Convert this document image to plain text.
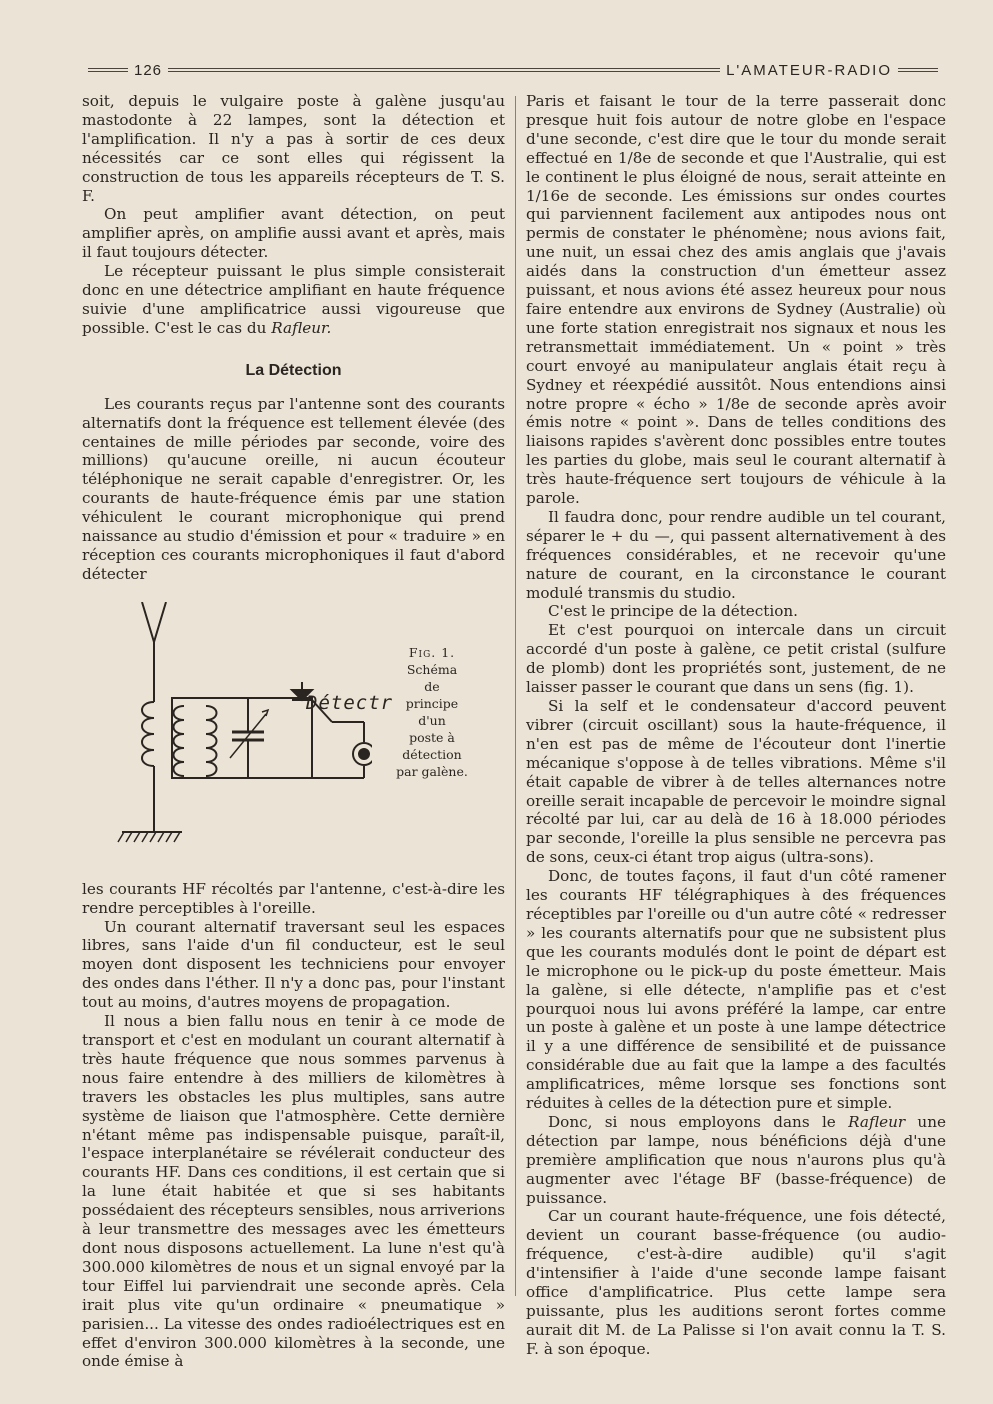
126	L'AMATEUR-RADIO

soit, depuis le vulgaire poste à galène jusqu'au mastodonte à 22 lampes, sont la détection et l'amplification. Il n'y a pas à sortir de ces deux nécessités car ce sont elles qui régissent la construction de tous les appareils récepteurs de T. S. F.

On peut amplifier avant détection, on peut amplifier après, on amplifie aussi avant et après, mais il faut toujours détecter.

Le récepteur puissant le plus simple consisterait donc en une détectrice amplifiant en haute fréquence suivie d'une amplificatrice aussi vigoureuse que possible. C'est le cas du Rafleur.

La Détection

Les courants reçus par l'antenne sont des courants alternatifs dont la fréquence est tellement élevée (des centaines de mille périodes par seconde, voire des millions) qu'aucune oreille, ni aucun écouteur téléphonique ne serait capable d'enregistrer. Or, les courants de haute-fréquence émis par une station véhiculent le courant microphonique qui prend naissance au studio d'émission et pour « traduire » en réception ces courants microphoniques il faut d'abord détecter

Détectr
Fig. 1.
Schéma
de
principe
d'un
poste à
détection
par galène.

les courants HF récoltés par l'antenne, c'est-à-dire les rendre perceptibles à l'oreille.

Un courant alternatif traversant seul les espaces libres, sans l'aide d'un fil conducteur, est le seul moyen dont disposent les techniciens pour envoyer des ondes dans l'éther. Il n'y a donc pas, pour l'instant tout au moins, d'autres moyens de propagation.

Il nous a bien fallu nous en tenir à ce mode de transport et c'est en modulant un courant alternatif à très haute fréquence que nous sommes parvenus à nous faire entendre à des milliers de kilomètres à travers les obstacles les plus multiples, sans autre système de liaison que l'atmosphère. Cette dernière n'étant même pas indispensable puisque, paraît-il, l'espace interplanétaire se révélerait conducteur des courants HF. Dans ces conditions, il est certain que si la lune était habitée et que si ses habitants possédaient des récepteurs sensibles, nous arriverions à leur transmettre des messages avec les émetteurs dont nous disposons actuellement. La lune n'est qu'à 300.000 kilomètres de nous et un signal envoyé par la tour Eiffel lui parviendrait une seconde après. Cela irait plus vite qu'un ordinaire « pneumatique » parisien... La vitesse des ondes radioélectriques est en effet d'environ 300.000 kilomètres à la seconde, une onde émise à

Paris et faisant le tour de la terre passerait donc presque huit fois autour de notre globe en l'espace d'une seconde, c'est dire que le tour du monde serait effectué en 1/8e de seconde et que l'Australie, qui est le continent le plus éloigné de nous, serait atteinte en 1/16e de seconde. Les émissions sur ondes courtes qui parviennent facilement aux antipodes nous ont permis de constater le phénomène; nous avions fait, une nuit, un essai chez des amis anglais que j'avais aidés dans la construction d'un émetteur assez puissant, et nous avions été assez heureux pour nous faire entendre aux environs de Sydney (Australie) où une forte station enregistrait nos signaux et nous les retransmettait immédiatement. Un « point » très court envoyé au manipulateur anglais était reçu à Sydney et réexpédié aussitôt. Nous entendions ainsi notre propre « écho » 1/8e de seconde après avoir émis notre « point ». Dans de telles conditions des liaisons rapides s'avèrent donc possibles entre toutes les parties du globe, mais seul le courant alternatif à très haute-fréquence sert toujours de véhicule à la parole.

Il faudra donc, pour rendre audible un tel courant, séparer le + du —, qui passent alternativement à des fréquences considérables, et ne recevoir qu'une nature de courant, en la circonstance le courant modulé transmis du studio.

C'est le principe de la détection.

Et c'est pourquoi on intercale dans un circuit accordé d'un poste à galène, ce petit cristal (sulfure de plomb) dont les propriétés sont, justement, de ne laisser passer le courant que dans un sens (fig. 1).

Si la self et le condensateur d'accord peuvent vibrer (circuit oscillant) sous la haute-fréquence, il n'en est pas de même de l'écouteur dont l'inertie mécanique s'oppose à de telles vibrations. Même s'il était capable de vibrer à de telles alternances notre oreille serait incapable de percevoir le moindre signal récolté par lui, car au delà de 16 à 18.000 périodes par seconde, l'oreille la plus sensible ne percevra pas de sons, ceux-ci étant trop aigus (ultra-sons).

Donc, de toutes façons, il faut d'un côté ramener les courants HF télégraphiques à des fréquences réceptibles par l'oreille ou d'un autre côté « redresser » les courants alternatifs pour que ne subsistent plus que les courants modulés dont le point de départ est le microphone ou le pick-up du poste émetteur. Mais la galène, si elle détecte, n'amplifie pas et c'est pourquoi nous lui avons préféré la lampe, car entre un poste à galène et un poste à une lampe détectrice il y a une différence de sensibilité et de puissance considérable due au fait que la lampe a des facultés amplificatrices, même lorsque ses fonctions sont réduites à celles de la détection pure et simple.

Donc, si nous employons dans le Rafleur une détection par lampe, nous bénéficions déjà d'une première amplification que nous n'aurons plus qu'à augmenter avec l'étage BF (basse-fréquence) de puissance.

Car un courant haute-fréquence, une fois détecté, devient un courant basse-fréquence (ou audio-fréquence, c'est-à-dire audible) qu'il s'agit d'intensifier à l'aide d'une seconde lampe faisant office d'amplificatrice. Plus cette lampe sera puissante, plus les auditions seront fortes comme aurait dit M. de La Palisse si l'on avait connu la T. S. F. à son époque.
